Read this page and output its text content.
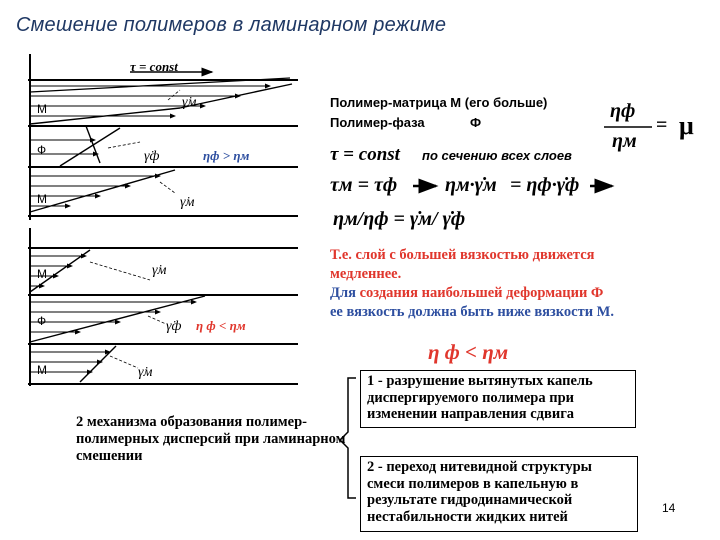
Смешение полимеров в ламинарном режиме
τ = const
М
Ф
М
γ̇м
γ̇ф
γ̇м
ηф > ηм
М
Ф
М
γ̇м
γ̇ф
γ̇м
η ф < ηм
Полимер-матрица М (его больше)
Полимер-фаза	Ф
ηф
ηм
= μ
τ = const по сечению всех слоев
τм = τф ηм·γ̇м = ηф·γ̇ф
ηм/ηф = γ̇м/ γ̇ф
Т.е. слой с большей вязкостью движется
медленнее.
Для создания наибольшей деформации Ф
ее вязкость должна быть ниже вязкости М.
η ф < ηм
2 механизма образования полимер-полимерных дисперсий при ламинарном смешении
1 - разрушение вытянутых капель диспергируемого полимера при изменении направления сдвига
2 - переход нитевидной структуры смеси полимеров в капельную в результате гидродинамической нестабильности жидких нитей
14
